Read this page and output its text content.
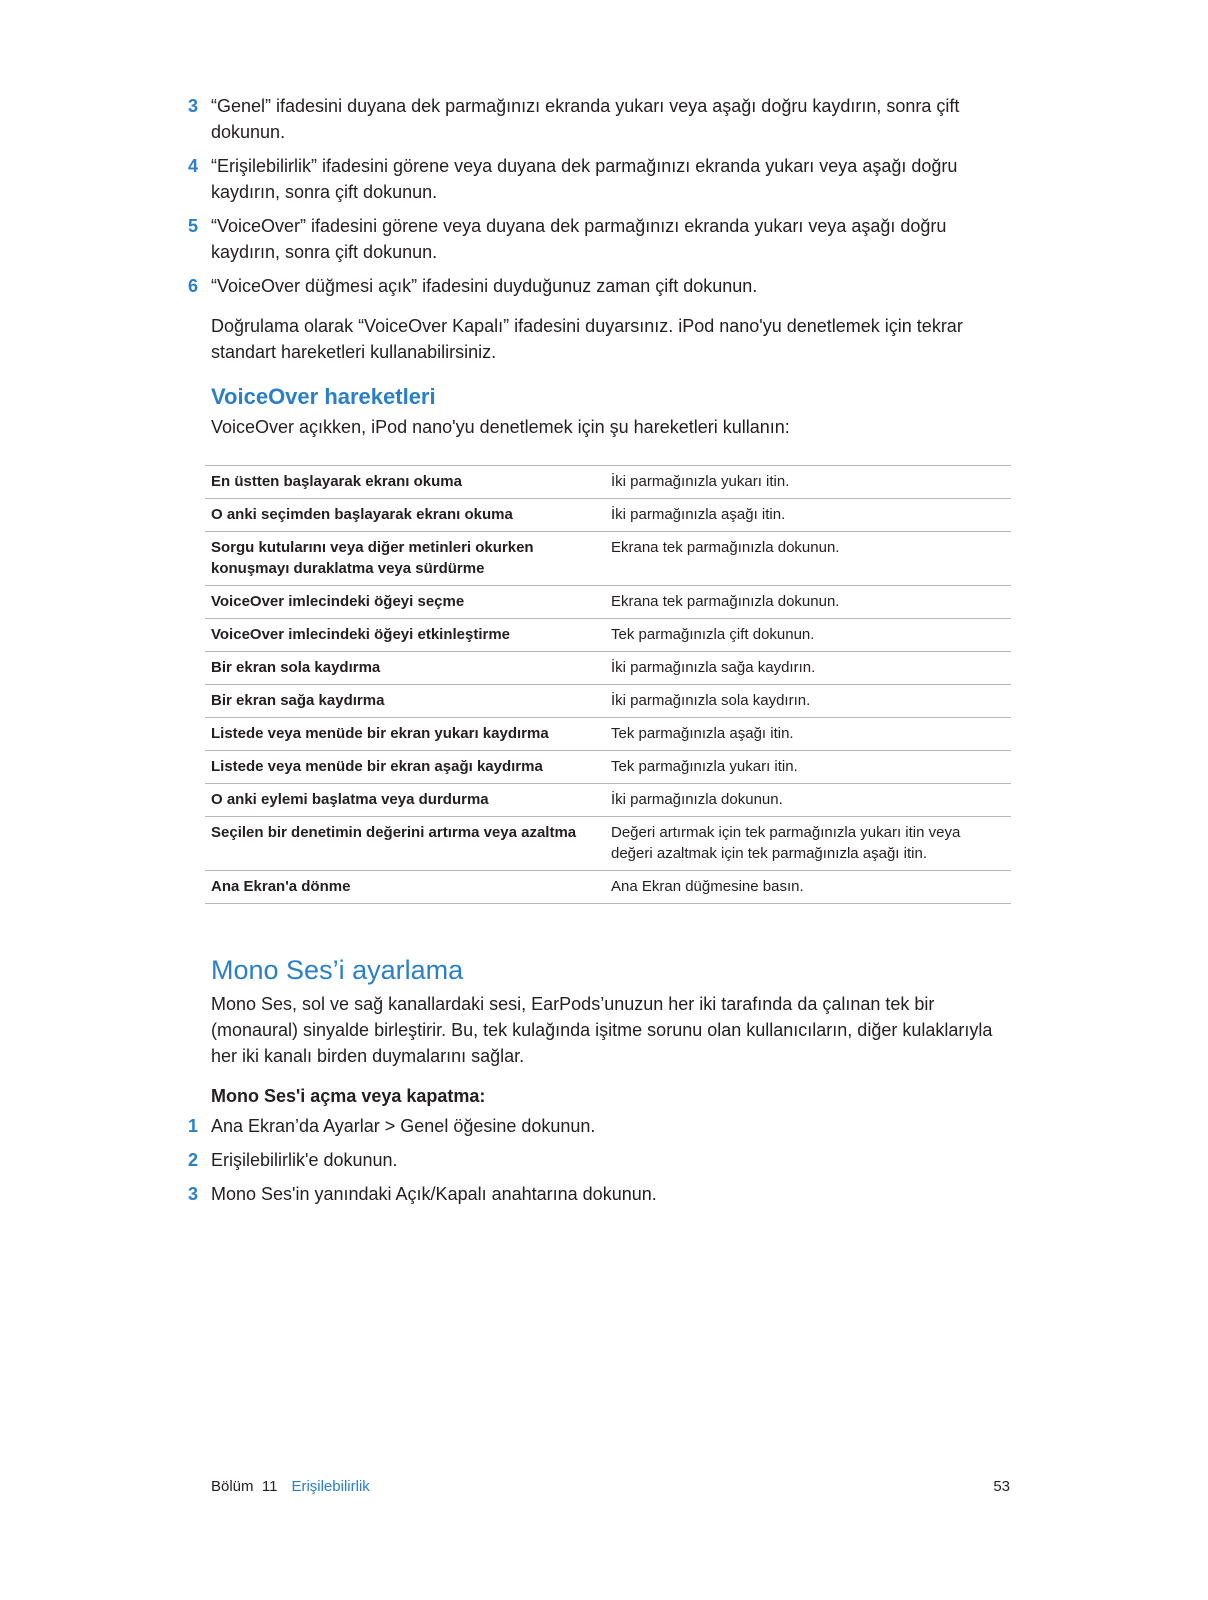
3 “Genel” ifadesini duyana dek parmağınızı ekranda yukarı veya aşağı doğru kaydırın, sonra çift dokunun.
4 “Erişilebilirlik” ifadesini görene veya duyana dek parmağınızı ekranda yukarı veya aşağı doğru kaydırın, sonra çift dokunun.
5 “VoiceOver” ifadesini görene veya duyana dek parmağınızı ekranda yukarı veya aşağı doğru kaydırın, sonra çift dokunun.
6 “VoiceOver düğmesi açık” ifadesini duyduğunuz zaman çift dokunun.

Doğrulama olarak “VoiceOver Kapalı” ifadesini duyarsınız. iPod nano'yu denetlemek için tekrar standart hareketleri kullanabilirsiniz.

VoiceOver hareketleri

VoiceOver açıkken, iPod nano'yu denetlemek için şu hareketleri kullanın:

En üstten başlayarak ekranı okuma	İki parmağınızla yukarı itin.
O anki seçimden başlayarak ekranı okuma	İki parmağınızla aşağı itin.
Sorgu kutularını veya diğer metinleri okurken konuşmayı duraklatma veya sürdürme	Ekrana tek parmağınızla dokunun.
VoiceOver imlecindeki öğeyi seçme	Ekrana tek parmağınızla dokunun.
VoiceOver imlecindeki öğeyi etkinleştirme	Tek parmağınızla çift dokunun.
Bir ekran sola kaydırma	İki parmağınızla sağa kaydırın.
Bir ekran sağa kaydırma	İki parmağınızla sola kaydırın.
Listede veya menüde bir ekran yukarı kaydırma	Tek parmağınızla aşağı itin.
Listede veya menüde bir ekran aşağı kaydırma	Tek parmağınızla yukarı itin.
O anki eylemi başlatma veya durdurma	İki parmağınızla dokunun.
Seçilen bir denetimin değerini artırma veya azaltma	Değeri artırmak için tek parmağınızla yukarı itin veya değeri azaltmak için tek parmağınızla aşağı itin.
Ana Ekran'a dönme	Ana Ekran düğmesine basın.
Mono Ses’i ayarlama

Mono Ses, sol ve sağ kanallardaki sesi, EarPods’unuzun her iki tarafında da çalınan tek bir (monaural) sinyalde birleştirir. Bu, tek kulağında işitme sorunu olan kullanıcıların, diğer kulaklarıyla her iki kanalı birden duymalarını sağlar.

Mono Ses'i açma veya kapatma:
1 Ana Ekran’da Ayarlar > Genel öğesine dokunun.
2 Erişilebilirlik'e dokunun.
3 Mono Ses'in yanındaki Açık/Kapalı anahtarına dokunun.
Bölüm  11 Erişilebilirlik	53
